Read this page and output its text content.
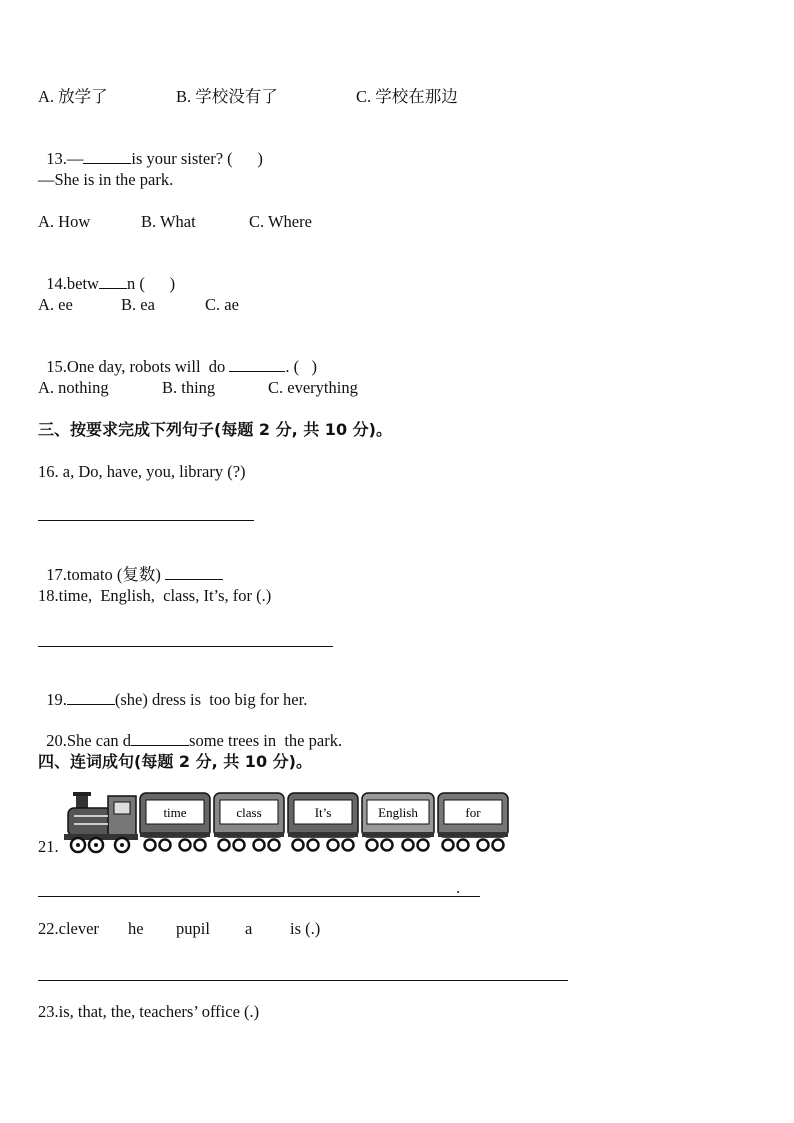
A. 放学了	B. 学校没有了	C. 学校在那边

13.—	is your sister? (      )

—She is in the park.
A. How	B. What	C. Where

14.betw n (      )

A. ee	B. ea	C. ae

15.One day, robots will  do	. (   )

A. nothing	B. thing	C. everything
三、按要求完成下列句子(每题 2 分, 共 10 分)。
16. a, Do, have, you, library (?)

17.tomato (复数)

18.time,  English,  class, It’s, for (.)

19.	(she) dress is  too big for her.

20.She can d	some trees in  the park.

四、连词成句(每题 2 分, 共 10 分)。
21.
time	class	It’s	English	for
.
22.clever he pupil a is (.)
23.is, that, the, teachers’ office (.)
